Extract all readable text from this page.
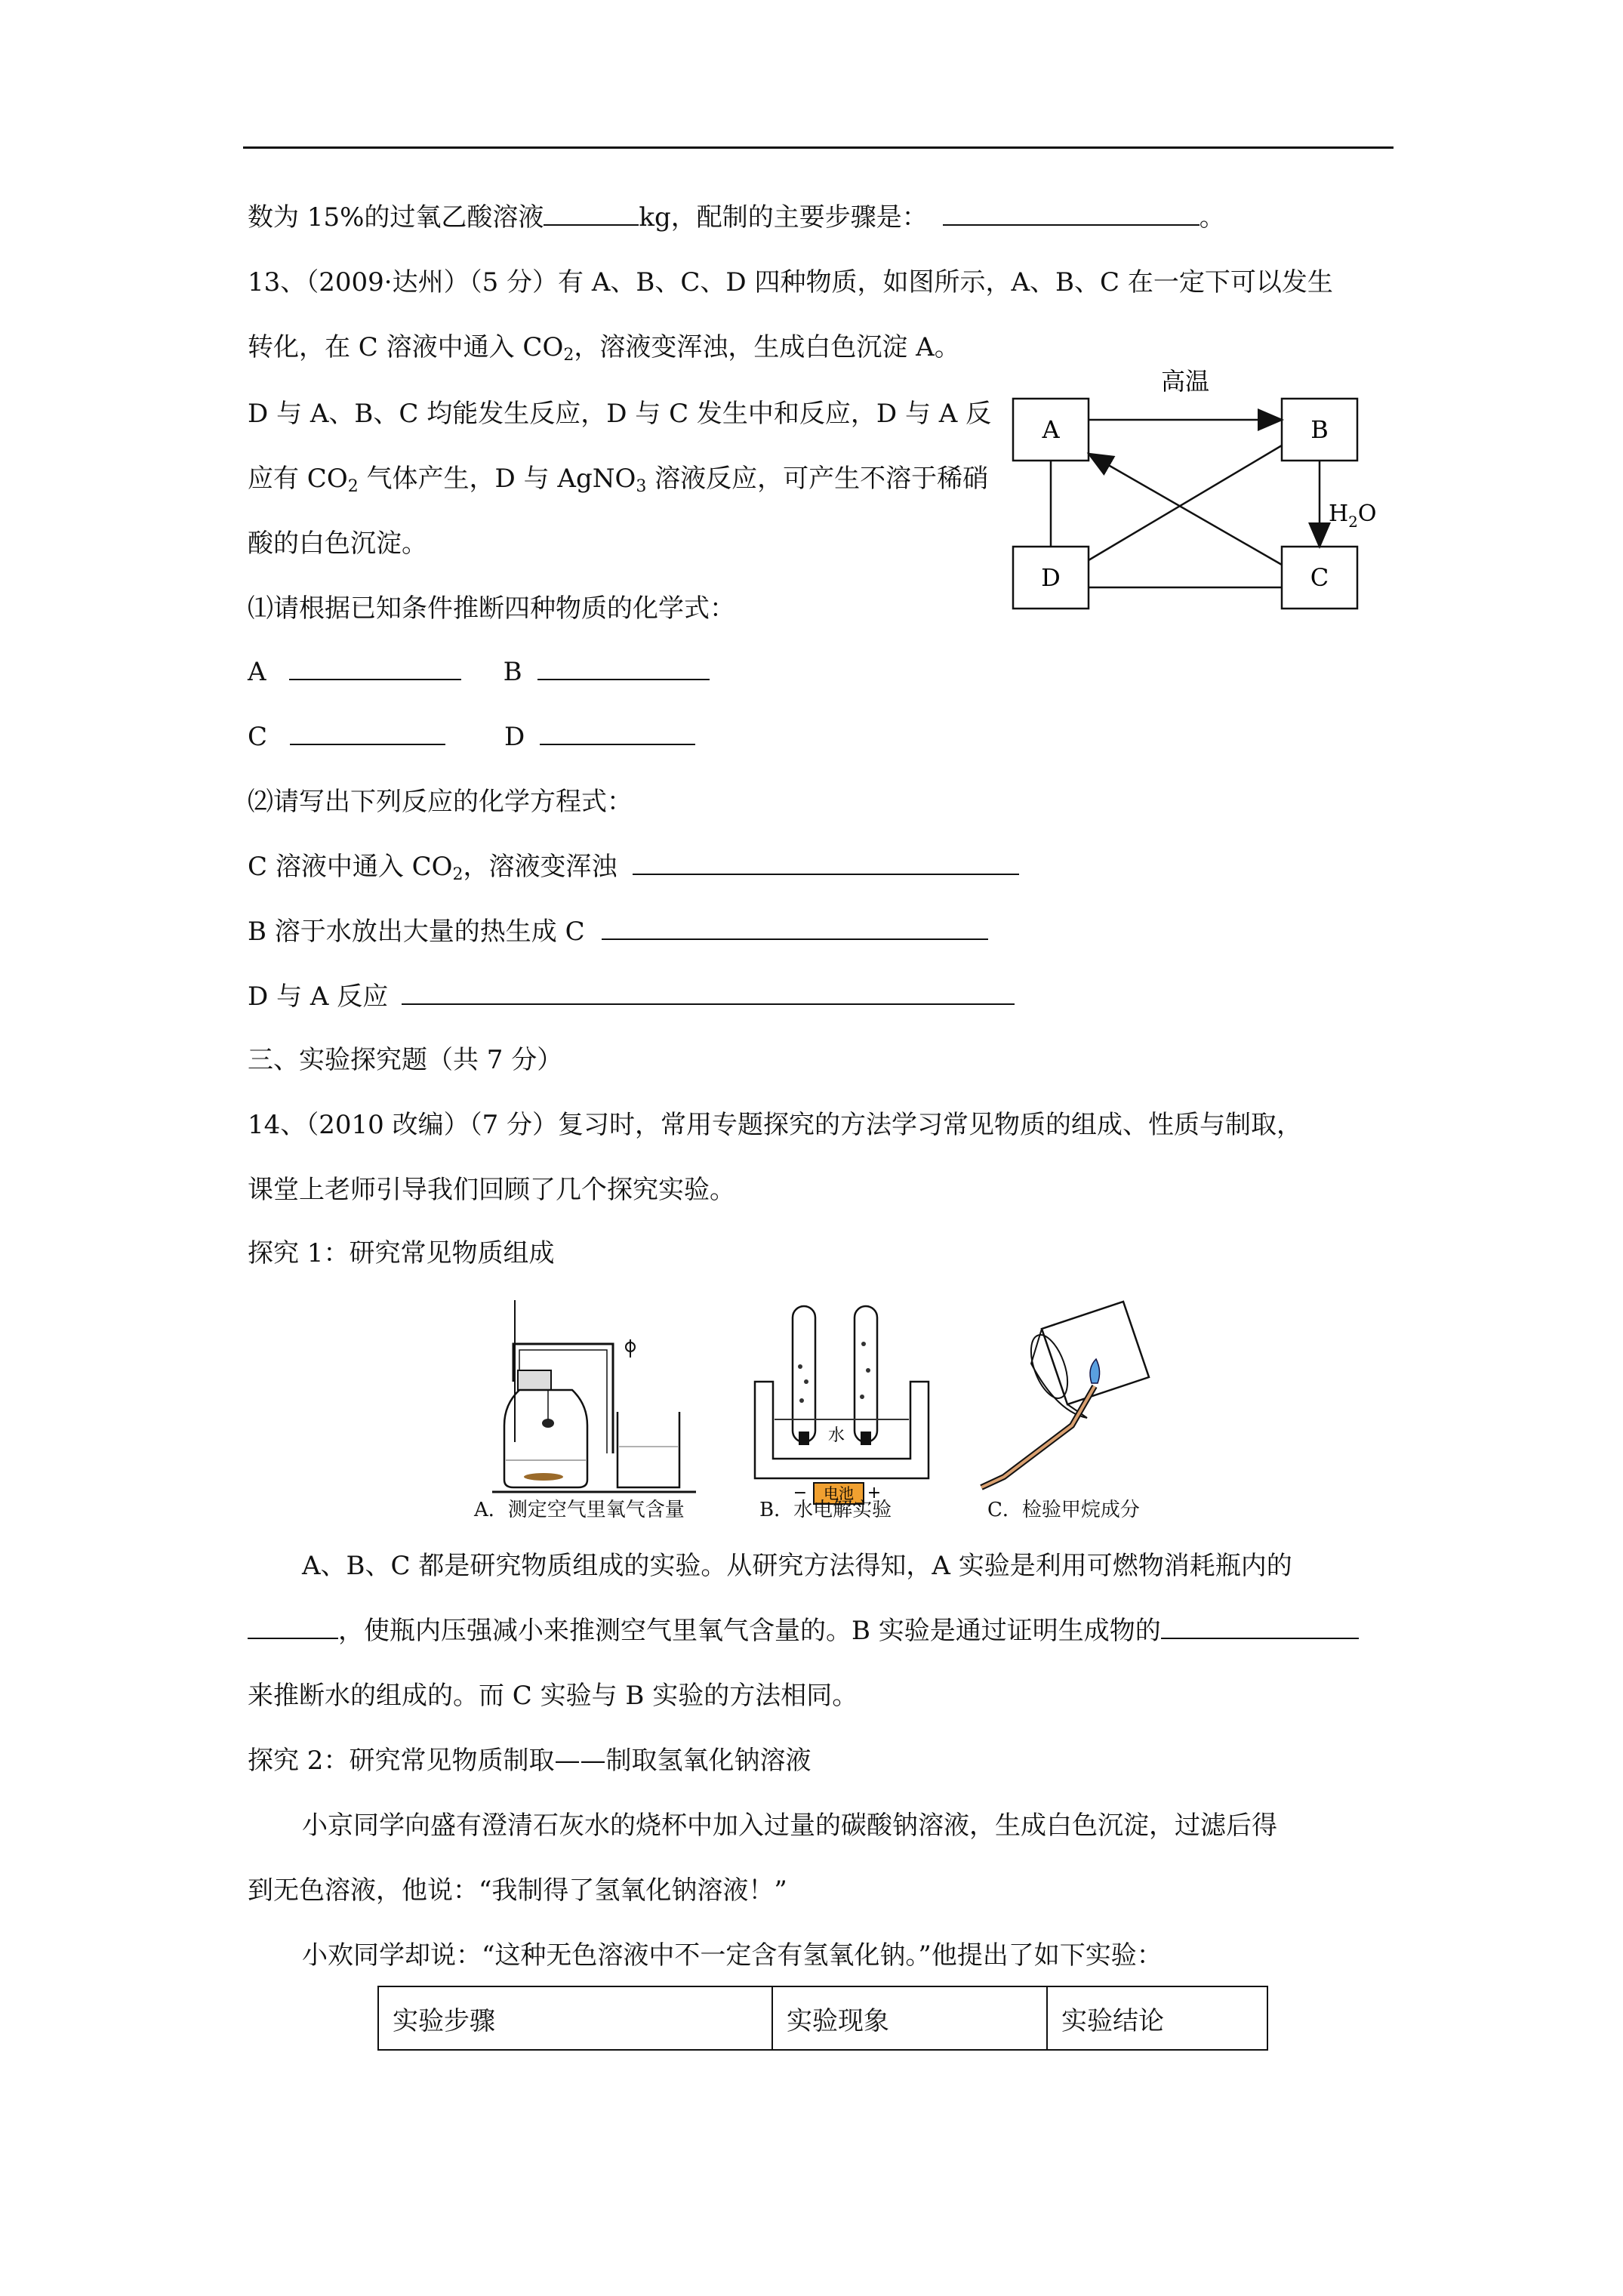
数为 15%的过氧乙酸溶液	kg，配制的主要步骤是：	。
13、（2009·达州）（5 分）有 A、B、C、D 四种物质，如图所示，A、B、C 在一定下可以发生
转化，在 C 溶液中通入 $CO_2$，溶液变浑浊，生成白色沉淀 A。
D 与 A、B、C 均能发生反应，D 与 C 发生中和反应，D 与 A 反
应有 $CO_2$ 气体产生，D 与 AgNO$_3$ 溶液反应，可产生不溶于稀硝
酸的白色沉淀。
⑴请根据已知条件推断四种物质的化学式：
A	B
C	D
⑵请写出下列反应的化学方程式：
C 溶液中通入 $CO_2$，溶液变浑浊
B 溶于水放出大量的热生成 C
D 与 A 反应
A	B
C
D
高温
$H_2O$
三、实验探究题（共 7 分）
14、（2010 改编）（7 分）复习时，常用专题探究的方法学习常见物质的组成、性质与制取，
课堂上老师引导我们回顾了几个探究实验。
探究 1：研究常见物质组成
水
电池
−	+
A．测定空气里氧气含量	B．水电解实验	C．检验甲烷成分
A、B、C 都是研究物质组成的实验。从研究方法得知，A 实验是利用可燃物消耗瓶内的
，使瓶内压强减小来推测空气里氧气含量的。B 实验是通过证明生成物的
来推断水的组成的。而 C 实验与 B 实验的方法相同。
探究 2：研究常见物质制取——制取氢氧化钠溶液
小京同学向盛有澄清石灰水的烧杯中加入过量的碳酸钠溶液，生成白色沉淀，过滤后得
到无色溶液，他说：“我制得了氢氧化钠溶液！”
小欢同学却说：“这种无色溶液中不一定含有氢氧化钠。”他提出了如下实验：
实验步骤	实验现象	实验结论
